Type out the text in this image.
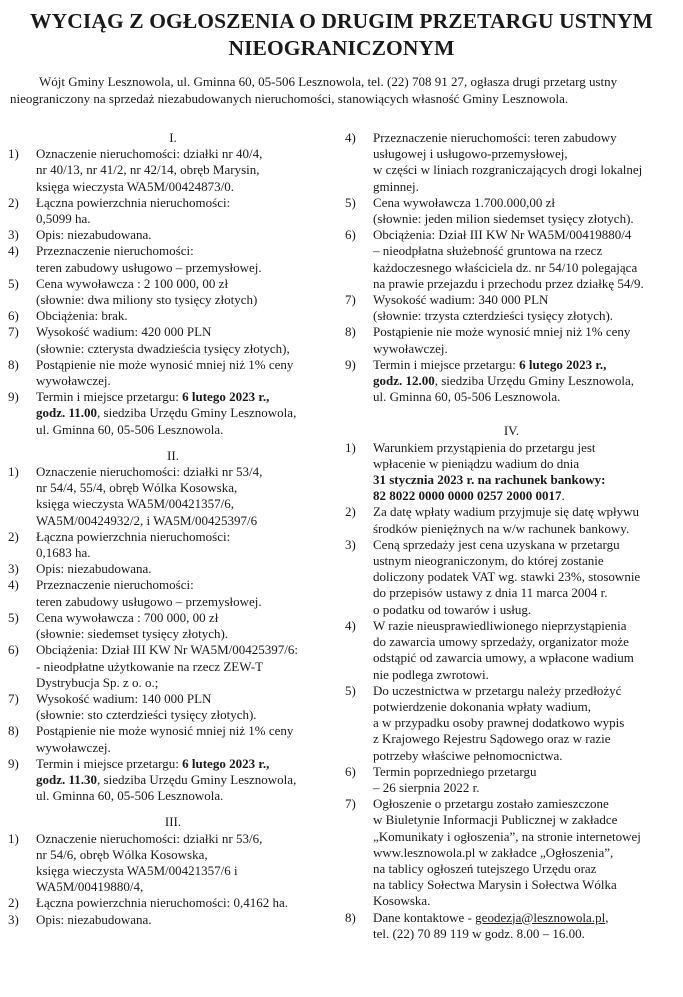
WYCIĄG Z OGŁOSZENIA O DRUGIM PRZETARGU USTNYM
NIEOGRANICZONYM
Wójt Gminy Lesznowola, ul. Gminna 60, 05-506 Lesznowola, tel. (22) 708 91 27, ogłasza drugi przetarg ustny
nieograniczony na sprzedaż niezabudowanych nieruchomości, stanowiących własność Gminy Lesznowola.
I.
1) Oznaczenie nieruchomości: działki nr 40/4,
nr 40/13, nr 41/2, nr 42/14, obręb Marysin,
księga wieczysta WA5M/00424873/0.
2) Łączna powierzchnia nieruchomości:
0,5099 ha.
3) Opis: niezabudowana.
4) Przeznaczenie nieruchomości:
teren zabudowy usługowo – przemysłowej.
5) Cena wywoławcza : 2 100 000, 00 zł
(słownie: dwa miliony sto tysięcy złotych)
6) Obciążenia: brak.
7) Wysokość wadium: 420 000 PLN
(słownie: czterysta dwadzieścia tysięcy złotych),
8) Postąpienie nie może wynosić mniej niż 1% ceny
wywoławczej.
9) Termin i miejsce przetargu: 6 lutego 2023 r.,
godz. 11.00, siedziba Urzędu Gminy Lesznowola,
ul. Gminna 60, 05-506 Lesznowola.
II.
1) Oznaczenie nieruchomości: działki nr 53/4,
nr 54/4, 55/4, obręb Wólka Kosowska,
księga wieczysta WA5M/00421357/6,
WA5M/00424932/2, i WA5M/00425397/6
2) Łączna powierzchnia nieruchomości:
0,1683 ha.
3) Opis: niezabudowana.
4) Przeznaczenie nieruchomości:
teren zabudowy usługowo – przemysłowej.
5) Cena wywoławcza : 700 000, 00 zł
(słownie: siedemset tysięcy złotych).
6) Obciążenia: Dział III KW Nr WA5M/00425397/6:
- nieodpłatne użytkowanie na rzecz ZEW-T
Dystrybucja Sp. z o. o.;
7) Wysokość wadium: 140 000 PLN
(słownie: sto czterdzieści tysięcy złotych).
8) Postąpienie nie może wynosić mniej niż 1% ceny
wywoławczej.
9) Termin i miejsce przetargu: 6 lutego 2023 r.,
godz. 11.30, siedziba Urzędu Gminy Lesznowola,
ul. Gminna 60, 05-506 Lesznowola.
III.
1) Oznaczenie nieruchomości: działki nr 53/6,
nr 54/6, obręb Wólka Kosowska,
księga wieczysta WA5M/00421357/6 i
WA5M/00419880/4,
2) Łączna powierzchnia nieruchomości: 0,4162 ha.
3) Opis: niezabudowana.
4) Przeznaczenie nieruchomości: teren zabudowy
usługowej i usługowo-przemysłowej,
w części w liniach rozgraniczających drogi lokalnej
gminnej.
5) Cena wywoławcza 1.700.000,00 zł
(słownie: jeden milion siedemset tysięcy złotych).
6) Obciążenia: Dział III KW Nr WA5M/00419880/4
– nieodpłatna służebność gruntowa na rzecz
każdoczesnego właściciela dz. nr 54/10 polegająca
na prawie przejazdu i przechodu przez działkę 54/9.
7) Wysokość wadium: 340 000 PLN
(słownie: trzysta czterdzieści tysięcy złotych).
8) Postąpienie nie może wynosić mniej niż 1% ceny
wywoławczej.
9) Termin i miejsce przetargu: 6 lutego 2023 r.,
godz. 12.00, siedziba Urzędu Gminy Lesznowola,
ul. Gminna 60, 05-506 Lesznowola.
IV.
1) Warunkiem przystąpienia do przetargu jest
wpłacenie w pieniądzu wadium do dnia
31 stycznia 2023 r. na rachunek bankowy:
82 8022 0000 0000 0257 2000 0017.
2) Za datę wpłaty wadium przyjmuje się datę wpływu
środków pieniężnych na w/w rachunek bankowy.
3) Ceną sprzedaży jest cena uzyskana w przetargu
ustnym nieograniczonym, do której zostanie
doliczony podatek VAT wg. stawki 23%, stosownie
do przepisów ustawy z dnia 11 marca 2004 r.
o podatku od towarów i usług.
4) W razie nieusprawiedliwionego nieprzystąpienia
do zawarcia umowy sprzedaży, organizator może
odstąpić od zawarcia umowy, a wpłacone wadium
nie podlega zwrotowi.
5) Do uczestnictwa w przetargu należy przedłożyć
potwierdzenie dokonania wpłaty wadium,
a w przypadku osoby prawnej dodatkowo wypis
z Krajowego Rejestru Sądowego oraz w razie
potrzeby właściwe pełnomocnictwa.
6) Termin poprzedniego przetargu
– 26 sierpnia 2022 r.
7) Ogłoszenie o przetargu zostało zamieszczone
w Biuletynie Informacji Publicznej w zakładce
„Komunikaty i ogłoszenia”, na stronie internetowej
www.lesznowola.pl w zakładce „Ogłoszenia”,
na tablicy ogłoszeń tutejszego Urzędu oraz
na tablicy Sołectwa Marysin i Sołectwa Wólka
Kosowska.
8) Dane kontaktowe - geodezja@lesznowola.pl,
tel. (22) 70 89 119 w godz. 8.00 – 16.00.
